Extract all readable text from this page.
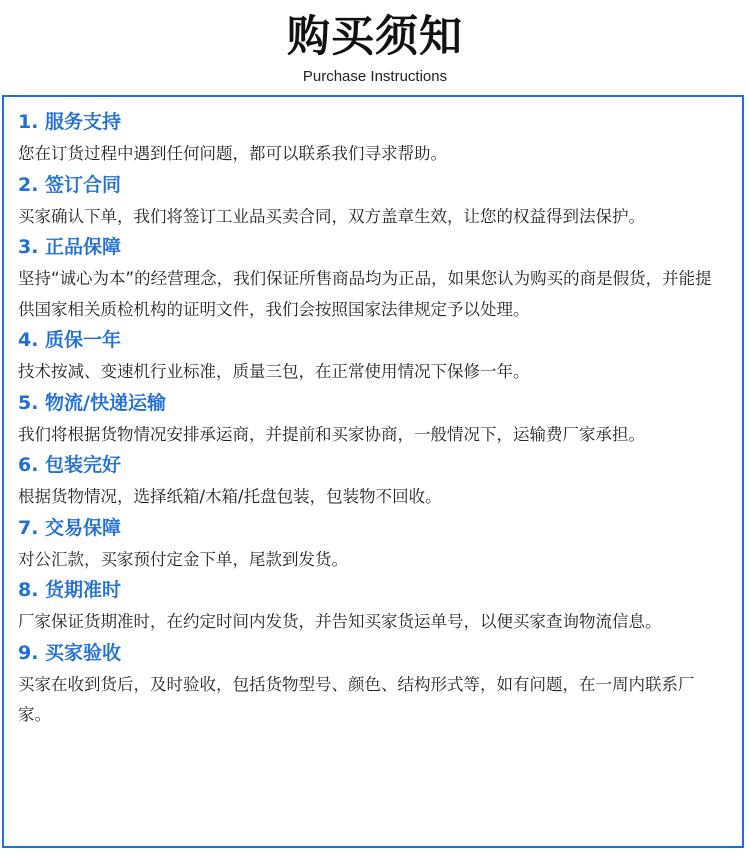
购买须知
Purchase Instructions
1. 服务支持
您在订货过程中遇到任何问题，都可以联系我们寻求帮助。
2. 签订合同
买家确认下单，我们将签订工业品买卖合同，双方盖章生效，让您的权益得到法保护。
3. 正品保障
坚持“诚心为本”的经营理念，我们保证所售商品均为正品，如果您认为购买的商是假货，并能提供国家相关质检机构的证明文件，我们会按照国家法律规定予以处理。
4. 质保一年
技术按减、变速机行业标准，质量三包，在正常使用情况下保修一年。
5. 物流/快递运输
我们将根据货物情况安排承运商，并提前和买家协商，一般情况下，运输费厂家承担。
6. 包装完好
根据货物情况，选择纸箱/木箱/托盘包装，包装物不回收。
7. 交易保障
对公汇款，买家预付定金下单，尾款到发货。
8. 货期准时
厂家保证货期准时，在约定时间内发货，并告知买家货运单号，以便买家查询物流信息。
9. 买家验收
买家在收到货后，及时验收，包括货物型号、颜色、结构形式等，如有问题，在一周内联系厂家。
